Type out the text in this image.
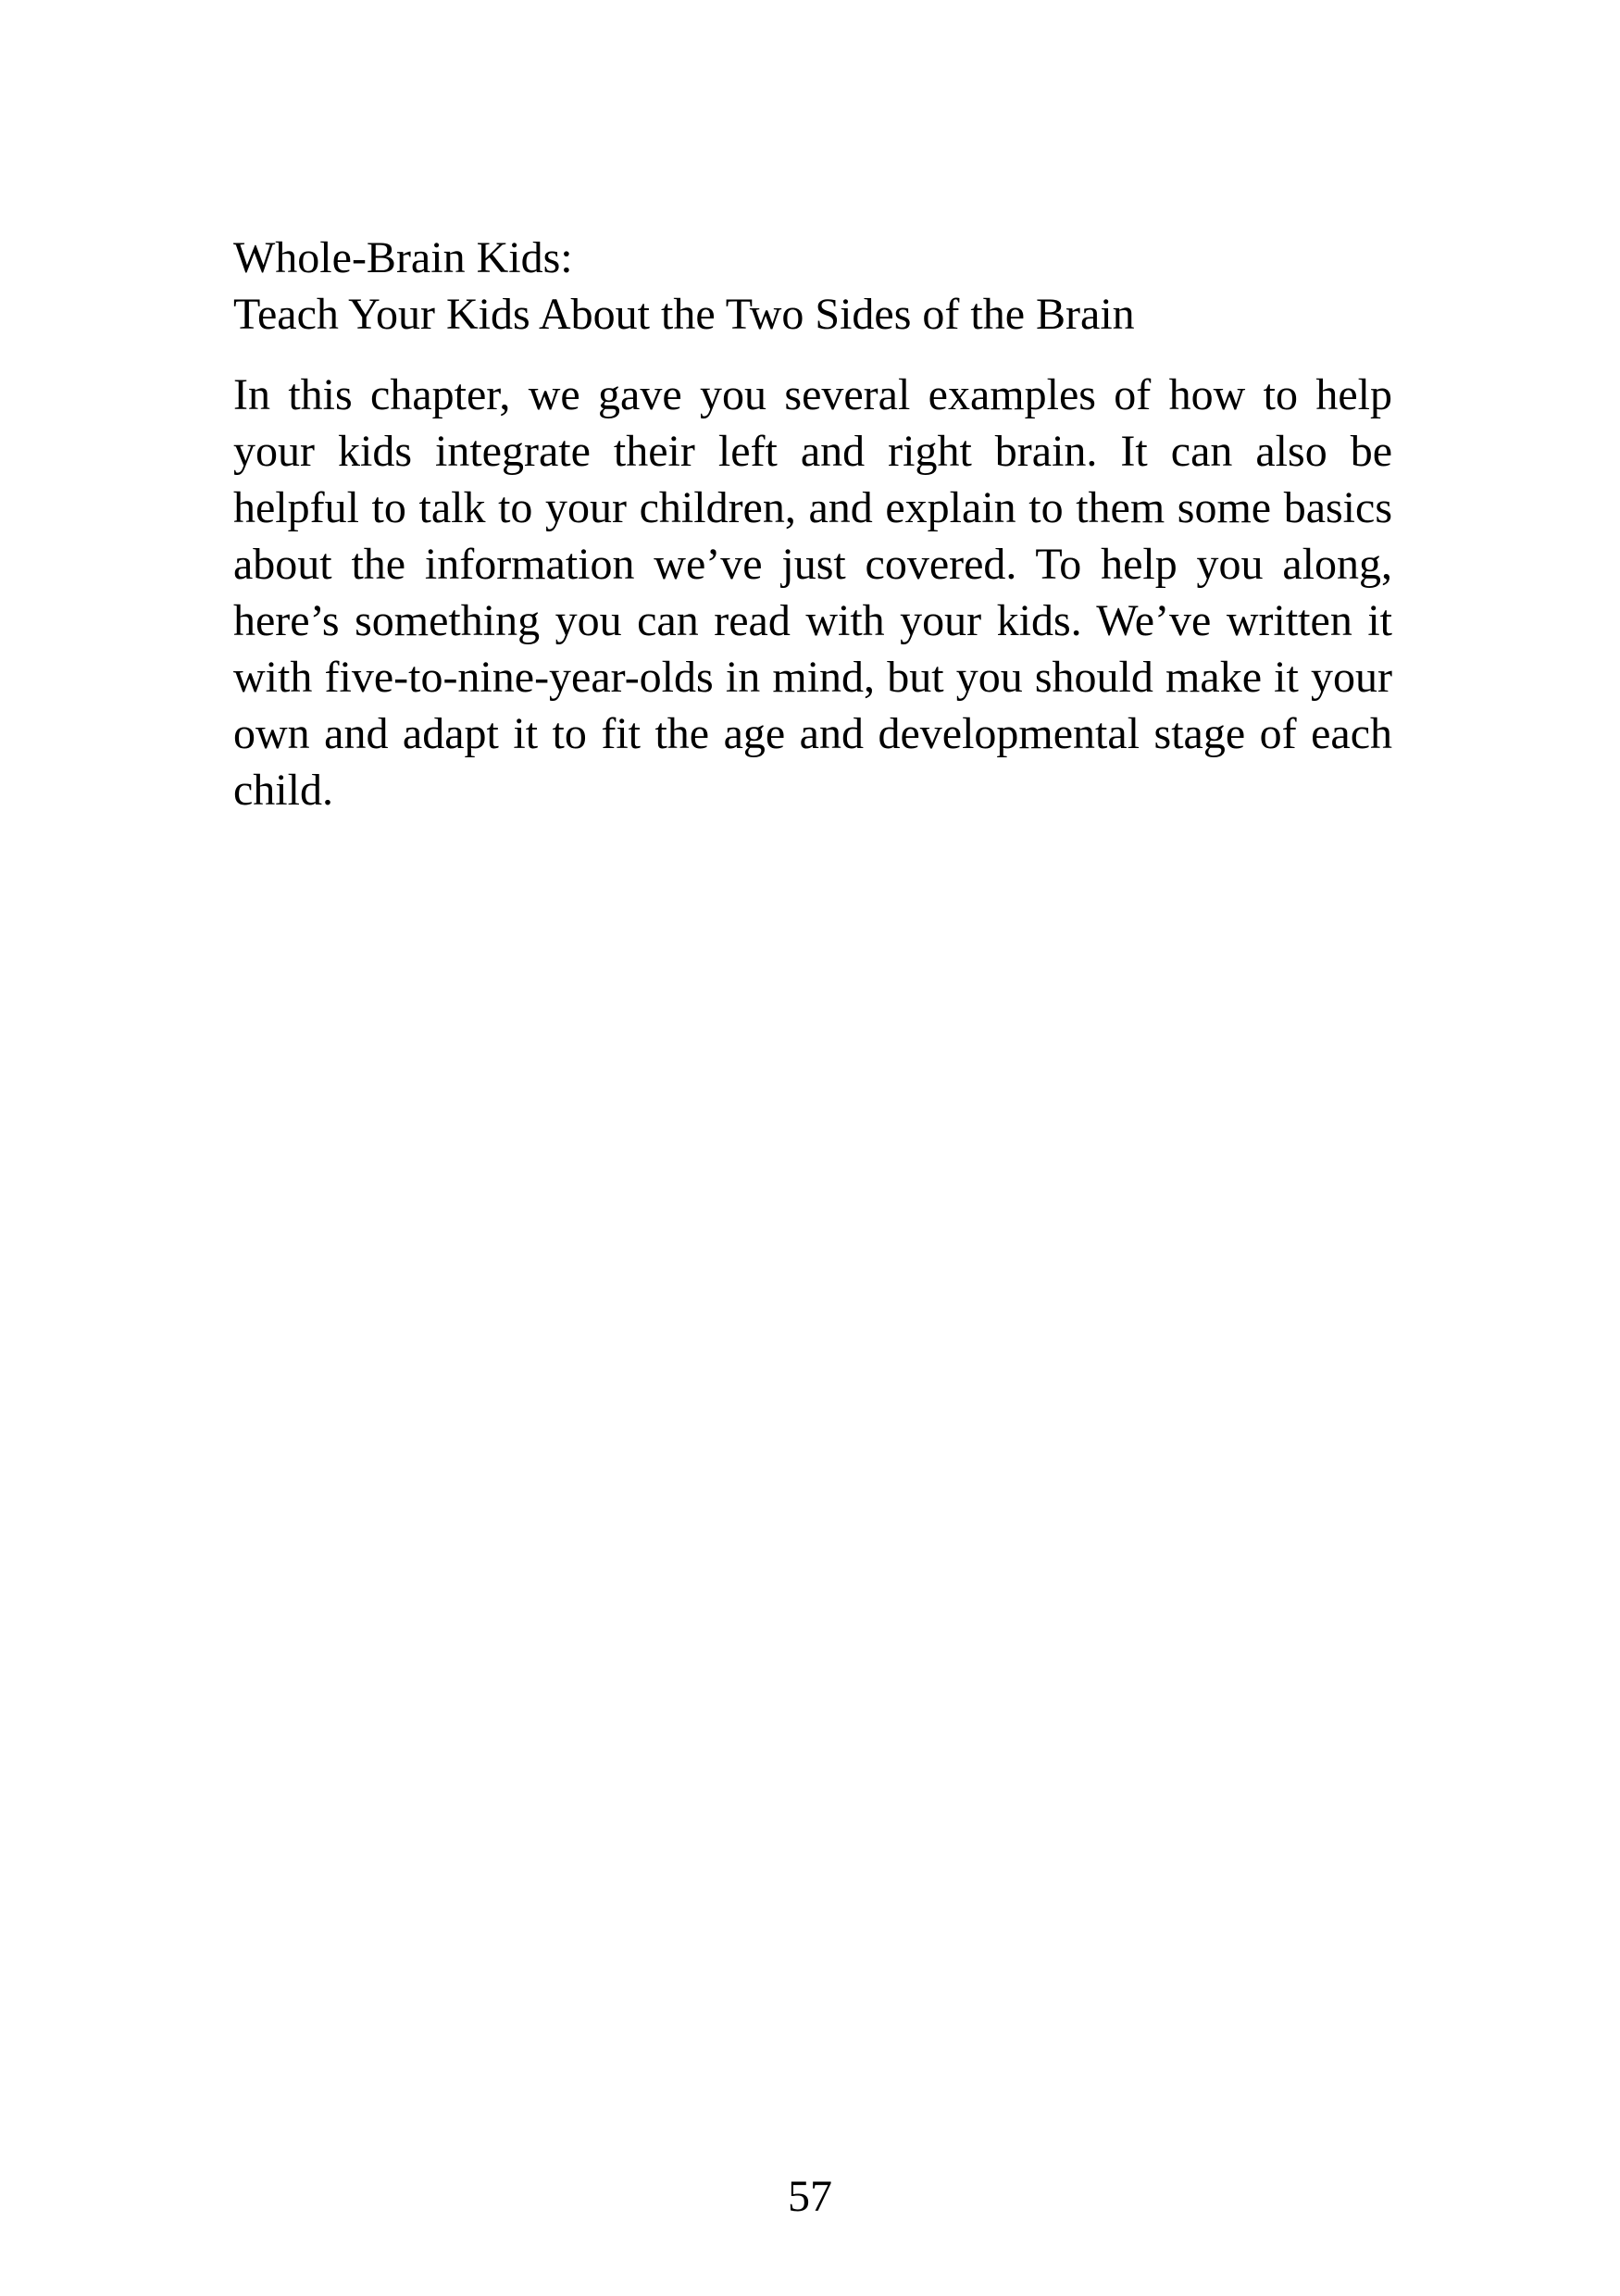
Whole-Brain Kids:

Teach Your Kids About the Two Sides of the Brain

In this chapter, we gave you several examples of how to help your kids integrate their left and right brain. It can also be helpful to talk to your children, and explain to them some basics about the information we’ve just covered. To help you along, here’s something you can read with your kids. We’ve written it with five-to-nine-year-olds in mind, but you should make it your own and adapt it to fit the age and developmental stage of each child.

57
